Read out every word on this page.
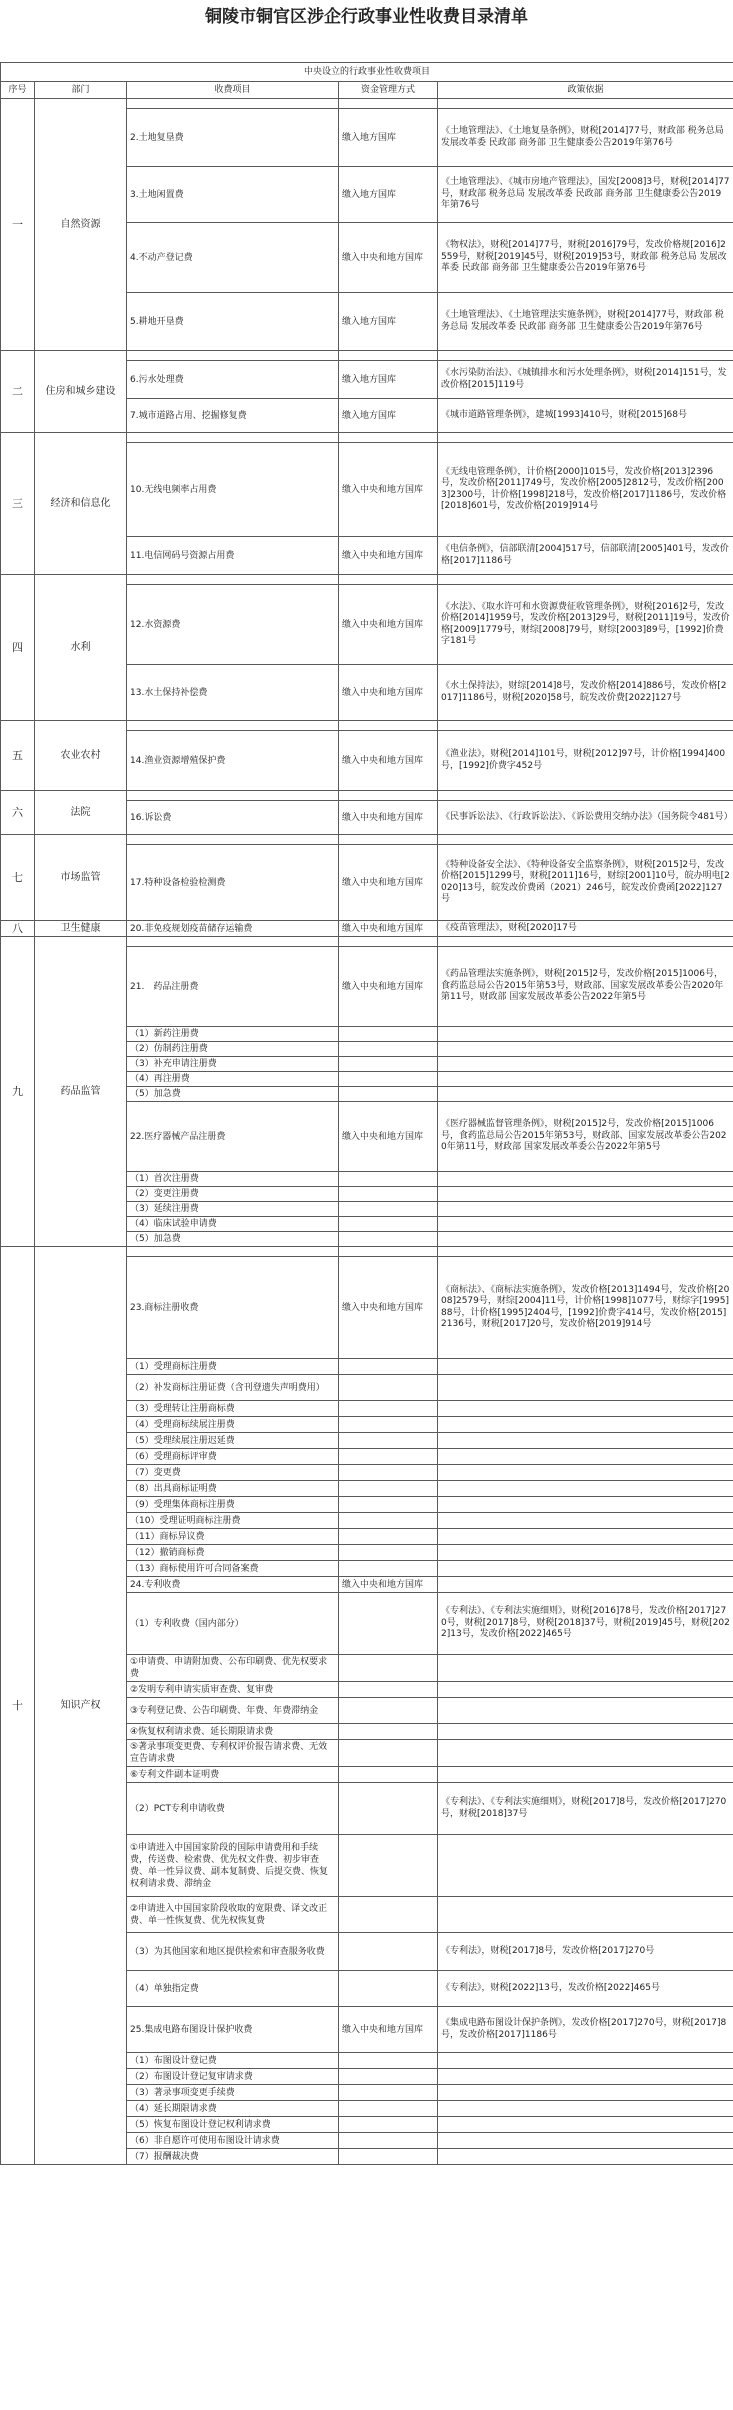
铜陵市铜官区涉企行政事业性收费目录清单
中央设立的行政事业性收费项目				
序号	部门	收费项目	资金管理方式	政策依据
一	自然资源			
		2.土地复垦费	缴入地方国库	《土地管理法》、《土地复垦条例》，财税[2014]77号，财政部 税务总局 发展改革委 民政部 商务部 卫生健康委公告2019年第76号
		3.土地闲置费	缴入地方国库	《土地管理法》、《城市房地产管理法》，国发[2008]3号，财税[2014]77号，财政部 税务总局 发展改革委 民政部 商务部 卫生健康委公告2019年第76号
		4.不动产登记费	缴入中央和地方国库	《物权法》，财税[2014]77号，财税[2016]79号，发改价格规[2016]2559号，财税[2019]45号，财税[2019]53号，财政部 税务总局 发展改革委 民政部 商务部 卫生健康委公告2019年第76号
		5.耕地开垦费	缴入地方国库	《土地管理法》、《土地管理法实施条例》，财税[2014]77号，财政部 税务总局 发展改革委 民政部 商务部 卫生健康委公告2019年第76号
二	住房和城乡建设			
		6.污水处理费	缴入地方国库	《水污染防治法》、《城镇排水和污水处理条例》，财税[2014]151号，发改价格[2015]119号
		7.城市道路占用、挖掘修复费	缴入地方国库	《城市道路管理条例》，建城[1993]410号，财税[2015]68号
三	经济和信息化			
		10.无线电频率占用费	缴入中央和地方国库	《无线电管理条例》，计价格[2000]1015号，发改价格[2013]2396号，发改价格[2011]749号，发改价格[2005]2812号，发改价格[2003]2300号，计价格[1998]218号，发改价格[2017]1186号，发改价格[2018]601号，发改价格[2019]914号
		11.电信网码号资源占用费	缴入中央和地方国库	《电信条例》，信部联清[2004]517号，信部联清[2005]401号，发改价格[2017]1186号
四	水利			
		12.水资源费	缴入中央和地方国库	《水法》、《取水许可和水资源费征收管理条例》，财税[2016]2号，发改价格[2014]1959号，发改价格[2013]29号，财税[2011]19号，发改价格[2009]1779号，财综[2008]79号，财综[2003]89号，[1992]价费字181号
		13.水土保持补偿费	缴入中央和地方国库	《水土保持法》，财综[2014]8号，发改价格[2014]886号，发改价格[2017]1186号，财税[2020]58号，皖发改价费[2022]127号
五	农业农村			
		14.渔业资源增殖保护费	缴入中央和地方国库	《渔业法》，财税[2014]101号，财税[2012]97号，计价格[1994]400号，[1992]价费字452号
六	法院			
		16.诉讼费	缴入中央和地方国库	《民事诉讼法》、《行政诉讼法》、《诉讼费用交纳办法》（国务院令481号）
七	市场监管			
		17.特种设备检验检测费	缴入中央和地方国库	《特种设备安全法》、《特种设备安全监察条例》，财税[2015]2号，发改价格[2015]1299号，财税[2011]16号，财综[2001]10号，皖办明电[2020]13号，皖发改价费函（2021）246号，皖发改价费函[2022]127号
八	卫生健康	20.非免疫规划疫苗储存运输费	缴入中央和地方国库	《疫苗管理法》，财税[2020]17号
九	药品监管			
		21.　药品注册费	缴入中央和地方国库	《药品管理法实施条例》，财税[2015]2号，发改价格[2015]1006号，食药监总局公告2015年第53号，财政部、国家发展改革委公告2020年第11号，财政部 国家发展改革委公告2022年第5号
		（1）新药注册费		
		（2）仿制药注册费		
		（3）补充申请注册费		
		（4）再注册费		
		（5）加急费		
		22.医疗器械产品注册费	缴入中央和地方国库	《医疗器械监督管理条例》，财税[2015]2号，发改价格[2015]1006号，食药监总局公告2015年第53号，财政部、国家发展改革委公告2020年第11号，财政部 国家发展改革委公告2022年第5号
		（1）首次注册费		
		（2）变更注册费		
		（3）延续注册费		
		（4）临床试验申请费		
		（5）加急费		
十	知识产权			
		23.商标注册收费	缴入中央和地方国库	《商标法》、《商标法实施条例》，发改价格[2013]1494号，发改价格[2008]2579号，财综[2004]11号，计价格[1998]1077号，财综字[1995]88号，计价格[1995]2404号，[1992]价费字414号，发改价格[2015]2136号，财税[2017]20号，发改价格[2019]914号
		（1）受理商标注册费		
		（2）补发商标注册证费（含刊登遗失声明费用）		
		（3）受理转让注册商标费		
		（4）受理商标续展注册费		
		（5）受理续展注册迟延费		
		（6）受理商标评审费		
		（7）变更费		
		（8）出具商标证明费		
		（9）受理集体商标注册费		
		（10）受理证明商标注册费		
		（11）商标异议费		
		（12）撤销商标费		
		（13）商标使用许可合同备案费		
		24.专利收费	缴入中央和地方国库	
		（1）专利收费（国内部分）		《专利法》、《专利法实施细则》，财税[2016]78号，发改价格[2017]270号，财税[2017]8号，财税[2018]37号，财税[2019]45号，财税[2022]13号，发改价格[2022]465号
		①申请费、申请附加费、公布印刷费、优先权要求费		
		②发明专利申请实质审查费、复审费		
		③专利登记费、公告印刷费、年费、年费滞纳金		
		④恢复权利请求费、延长期限请求费		
		⑤著录事项变更费、专利权评价报告请求费、无效宣告请求费		
		⑥专利文件副本证明费		
		（2）PCT专利申请收费		《专利法》、《专利法实施细则》，财税[2017]8号，发改价格[2017]270号，财税[2018]37号
		①申请进入中国国家阶段的国际申请费用和手续费，传送费、检索费、优先权文件费、初步审查费、单一性异议费、副本复制费、后提交费、恢复权利请求费、滞纳金		
		②申请进入中国国家阶段收取的宽限费、译文改正费、单一性恢复费、优先权恢复费		
		（3）为其他国家和地区提供检索和审查服务收费		《专利法》，财税[2017]8号，发改价格[2017]270号
		（4）单独指定费		《专利法》，财税[2022]13号，发改价格[2022]465号
		25.集成电路布图设计保护收费	缴入中央和地方国库	《集成电路布图设计保护条例》，发改价格[2017]270号，财税[2017]8号，发改价格[2017]1186号
		（1）布图设计登记费		
		（2）布图设计登记复审请求费		
		（3）著录事项变更手续费		
		（4）延长期限请求费		
		（5）恢复布图设计登记权利请求费		
		（6）非自愿许可使用布图设计请求费		
		（7）报酬裁决费		
